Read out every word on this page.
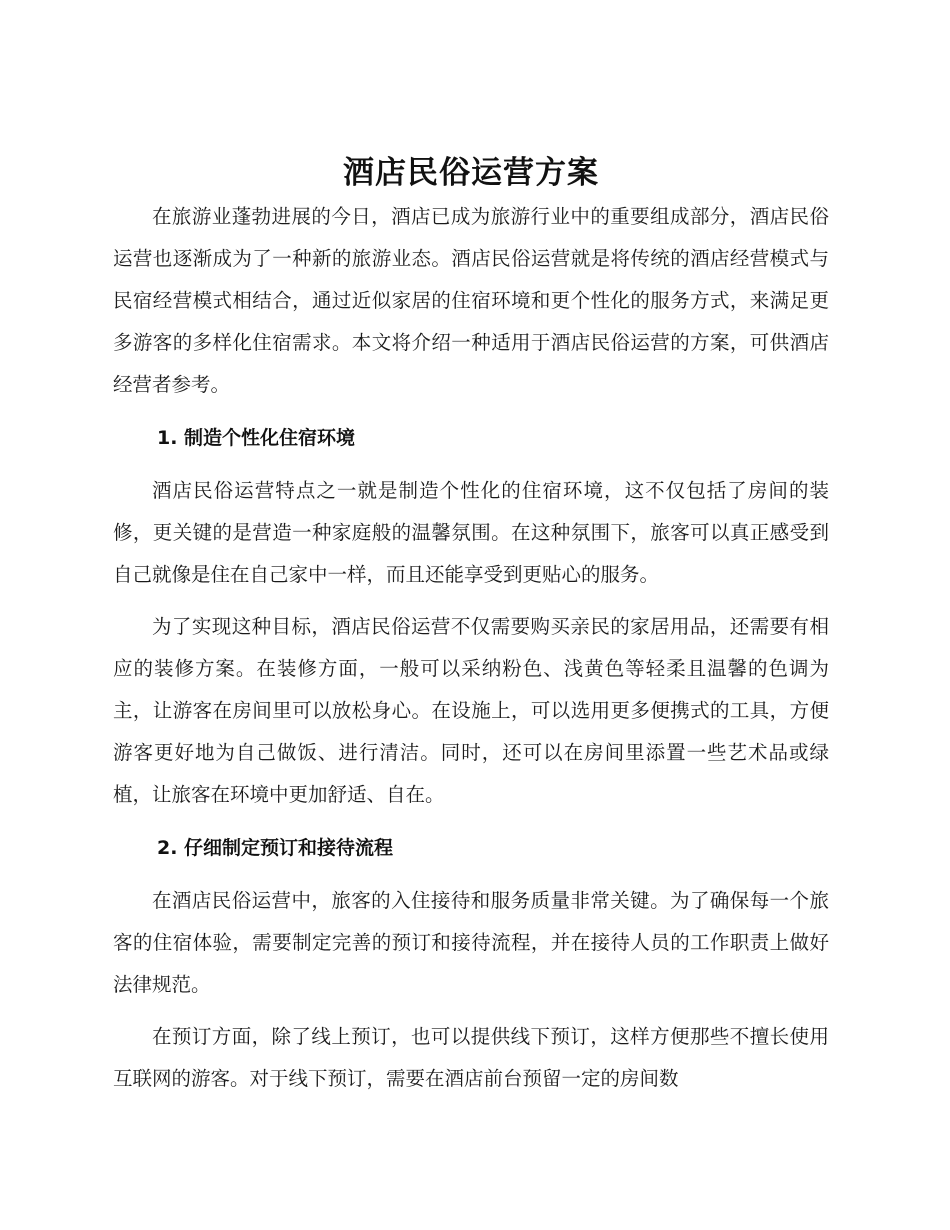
酒店民俗运营方案

在旅游业蓬勃进展的今日，酒店已成为旅游行业中的重要组成部分，酒店民俗运营也逐渐成为了一种新的旅游业态。酒店民俗运营就是将传统的酒店经营模式与民宿经营模式相结合，通过近似家居的住宿环境和更个性化的服务方式，来满足更多游客的多样化住宿需求。本文将介绍一种适用于酒店民俗运营的方案，可供酒店经营者参考。

1. 制造个性化住宿环境

酒店民俗运营特点之一就是制造个性化的住宿环境，这不仅包括了房间的装修，更关键的是营造一种家庭般的温馨氛围。在这种氛围下，旅客可以真正感受到自己就像是住在自己家中一样，而且还能享受到更贴心的服务。

为了实现这种目标，酒店民俗运营不仅需要购买亲民的家居用品，还需要有相应的装修方案。在装修方面，一般可以采纳粉色、浅黄色等轻柔且温馨的色调为主，让游客在房间里可以放松身心。在设施上，可以选用更多便携式的工具，方便游客更好地为自己做饭、进行清洁。同时，还可以在房间里添置一些艺术品或绿植，让旅客在环境中更加舒适、自在。

2. 仔细制定预订和接待流程

在酒店民俗运营中，旅客的入住接待和服务质量非常关键。为了确保每一个旅客的住宿体验，需要制定完善的预订和接待流程，并在接待人员的工作职责上做好法律规范。

在预订方面，除了线上预订，也可以提供线下预订，这样方便那些不擅长使用互联网的游客。对于线下预订，需要在酒店前台预留一定的房间数
